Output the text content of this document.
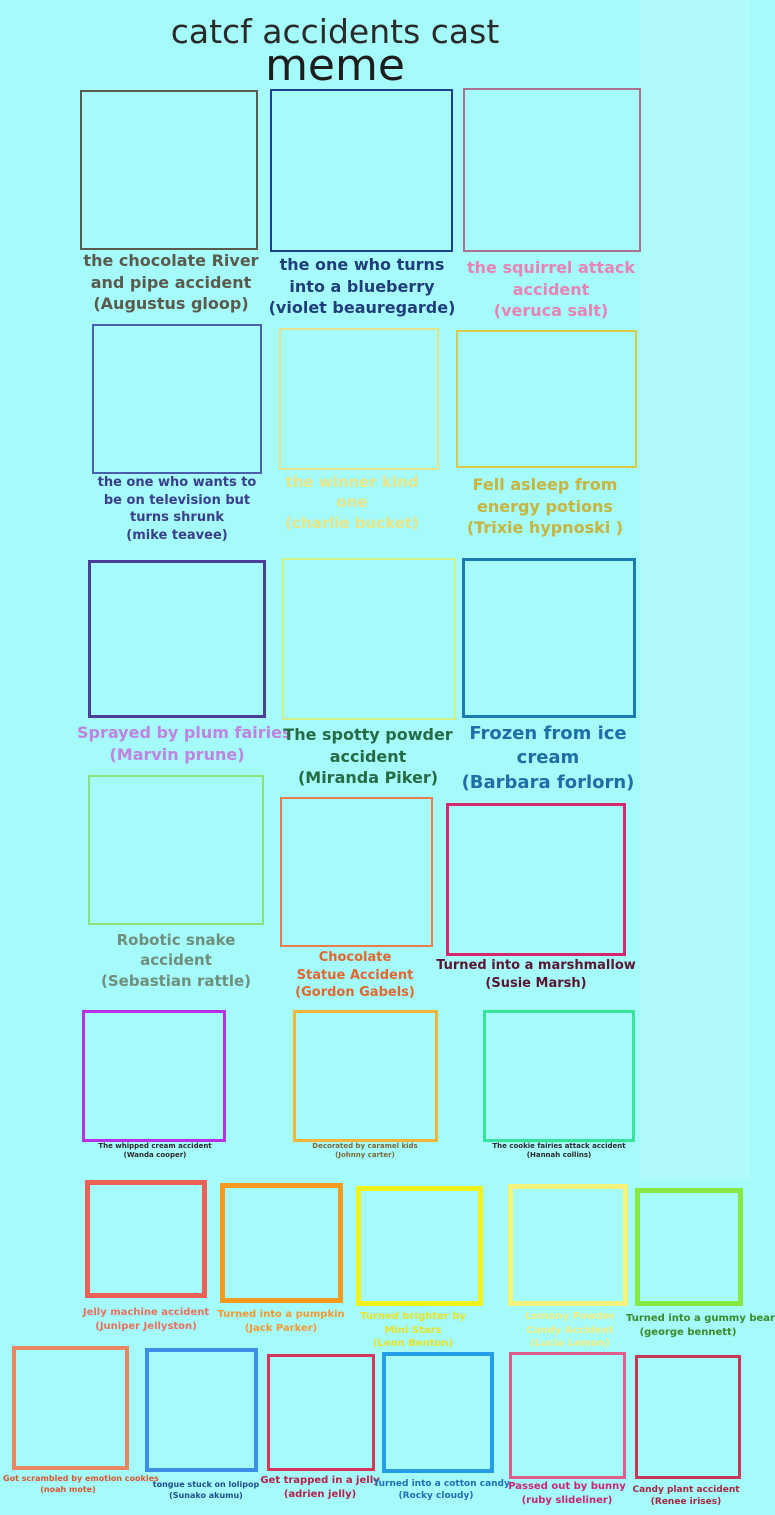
catcf accidents cast
meme
the chocolate River
and pipe accident
(Augustus gloop)
the one who turns
into a blueberry
(violet beauregarde)
the squirrel attack
accident
(veruca salt)
the one who wants to
be on television but
turns shrunk
(mike teavee)
the winner kind
one
(charlie bucket)
Fell asleep from
energy potions
(Trixie hypnoski )
Sprayed by plum fairies
(Marvin prune)
The spotty powder
accident
(Miranda Piker)
Frozen from ice
cream
(Barbara forlorn)
Robotic snake
accident
(Sebastian rattle)
Chocolate
Statue Accident
(Gordon Gabels)
Turned into a marshmallow
(Susie Marsh)
The whipped cream accident
(Wanda cooper)
Decorated by caramel kids
(Johnny carter)
The cookie fairies attack accident
(Hannah collins)
Jelly machine accident
(Juniper Jellyston)
Turned into a pumpkin
(Jack Parker)
Turned brighter by
Mini Stars
(Leon Benton)
Lemony Powder
Candy Accident
(Lucia Lemon)
Turned into a gummy bear
(george bennett)
Got scrambled by emotion cookies
(noah mote)
tongue stuck on lolipop
(Sunako akumu)
Get trapped in a jelly
(adrien jelly)
Turned into a cotton candy
(Rocky cloudy)
Passed out by bunny
(ruby slideliner)
Candy plant accident
(Renee irises)
